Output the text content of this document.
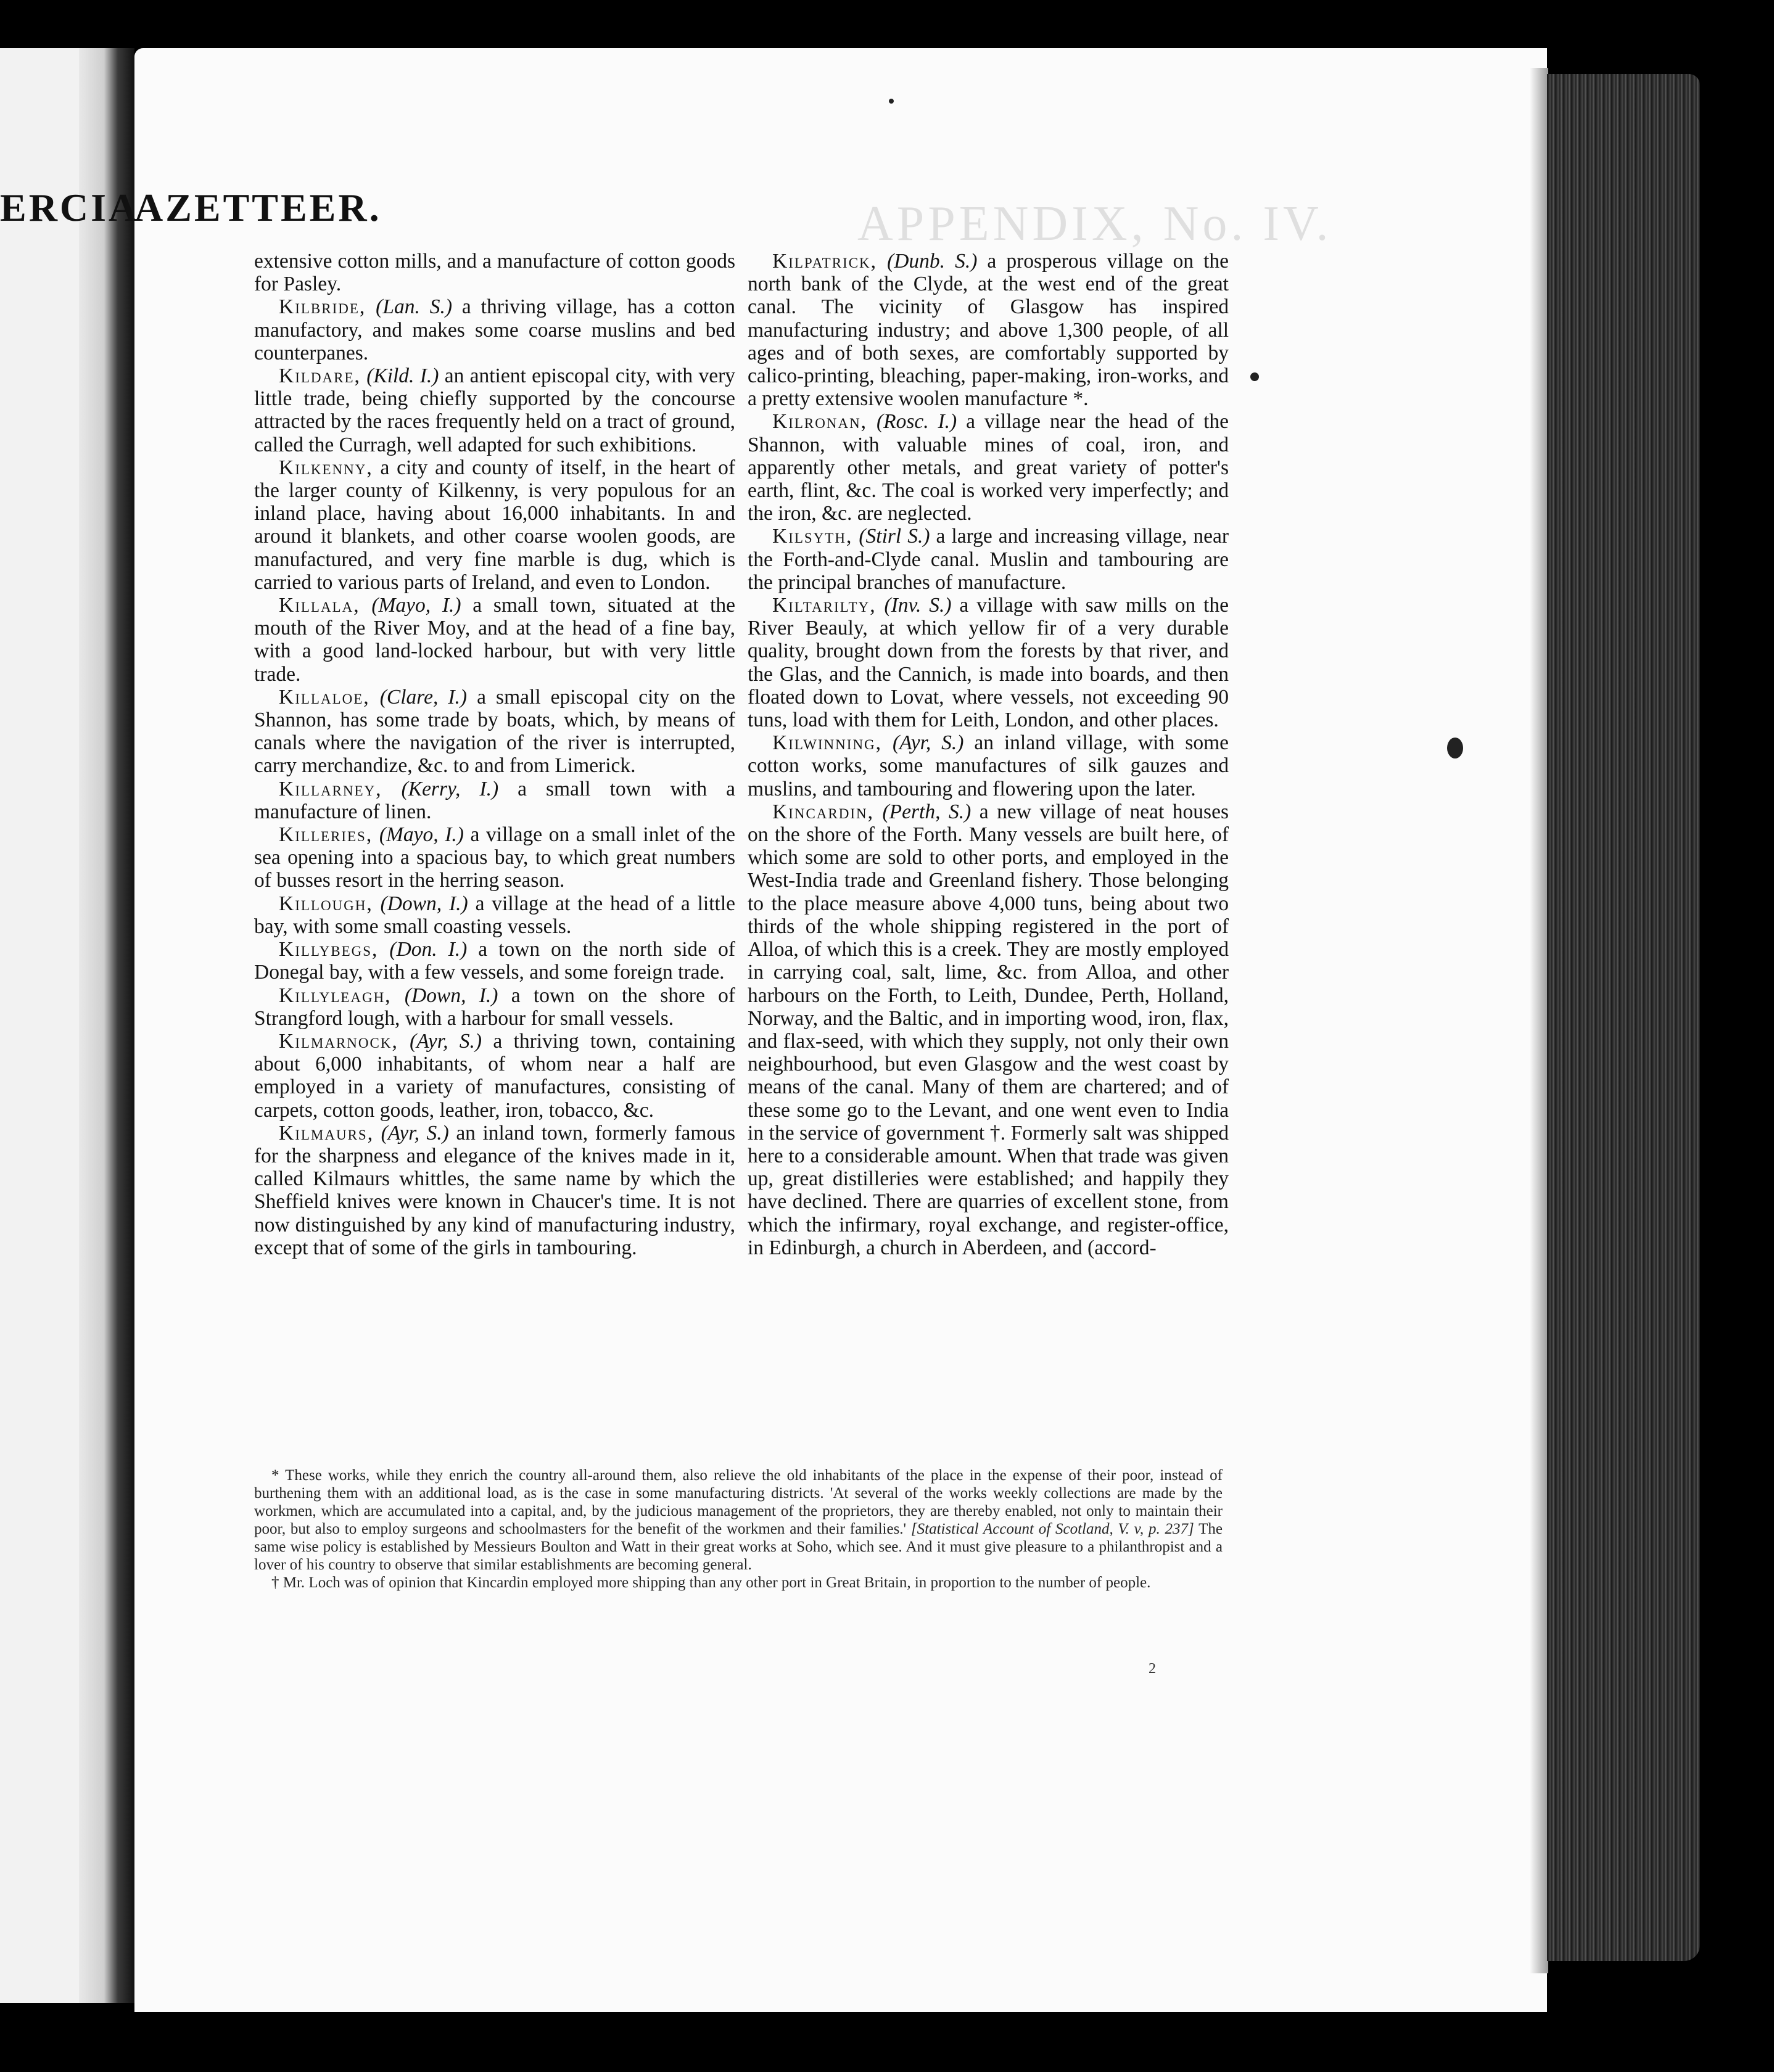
ERCIA
AZETTEER.	APPENDIX, No. IV.

extensive cotton mills, and a manufacture of cotton goods for Pasley.

Kilbride, (Lan. S.) a thriving village, has a cotton manufactory, and makes some coarse muslins and bed counterpanes.

Kildare, (Kild. I.) an antient episcopal city, with very little trade, being chiefly supported by the concourse attracted by the races frequently held on a tract of ground, called the Curragh, well adapted for such exhibitions.

Kilkenny, a city and county of itself, in the heart of the larger county of Kilkenny, is very populous for an inland place, having about 16,000 inhabitants. In and around it blankets, and other coarse woolen goods, are manufactured, and very fine marble is dug, which is carried to various parts of Ireland, and even to London.

Killala, (Mayo, I.) a small town, situated at the mouth of the River Moy, and at the head of a fine bay, with a good land-locked harbour, but with very little trade.

Killaloe, (Clare, I.) a small episcopal city on the Shannon, has some trade by boats, which, by means of canals where the navigation of the river is interrupted, carry merchandize, &c. to and from Limerick.

Killarney, (Kerry, I.) a small town with a manufacture of linen.

Killeries, (Mayo, I.) a village on a small inlet of the sea opening into a spacious bay, to which great numbers of busses resort in the herring season.

Killough, (Down, I.) a village at the head of a little bay, with some small coasting vessels.

Killybegs, (Don. I.) a town on the north side of Donegal bay, with a few vessels, and some foreign trade.

Killyleagh, (Down, I.) a town on the shore of Strangford lough, with a harbour for small vessels.

Kilmarnock, (Ayr, S.) a thriving town, containing about 6,000 inhabitants, of whom near a half are employed in a variety of manufactures, consisting of carpets, cotton goods, leather, iron, tobacco, &c.

Kilmaurs, (Ayr, S.) an inland town, formerly famous for the sharpness and elegance of the knives made in it, called Kilmaurs whittles, the same name by which the Sheffield knives were known in Chaucer's time. It is not now distinguished by any kind of manufacturing industry, except that of some of the girls in tambouring.

Kilpatrick, (Dunb. S.) a prosperous village on the north bank of the Clyde, at the west end of the great canal. The vicinity of Glasgow has inspired manufacturing industry; and above 1,300 people, of all ages and of both sexes, are comfortably supported by calico-printing, bleaching, paper-making, iron-works, and a pretty extensive woolen manufacture *.

Kilronan, (Rosc. I.) a village near the head of the Shannon, with valuable mines of coal, iron, and apparently other metals, and great variety of potter's earth, flint, &c. The coal is worked very imperfectly; and the iron, &c. are neglected.

Kilsyth, (Stirl S.) a large and increasing village, near the Forth-and-Clyde canal. Muslin and tambouring are the principal branches of manufacture.

Kiltarilty, (Inv. S.) a village with saw mills on the River Beauly, at which yellow fir of a very durable quality, brought down from the forests by that river, and the Glas, and the Cannich, is made into boards, and then floated down to Lovat, where vessels, not exceeding 90 tuns, load with them for Leith, London, and other places.

Kilwinning, (Ayr, S.) an inland village, with some cotton works, some manufactures of silk gauzes and muslins, and tambouring and flowering upon the later.

Kincardin, (Perth, S.) a new village of neat houses on the shore of the Forth. Many vessels are built here, of which some are sold to other ports, and employed in the West-India trade and Greenland fishery. Those belonging to the place measure above 4,000 tuns, being about two thirds of the whole shipping registered in the port of Alloa, of which this is a creek. They are mostly employed in carrying coal, salt, lime, &c. from Alloa, and other harbours on the Forth, to Leith, Dundee, Perth, Holland, Norway, and the Baltic, and in importing wood, iron, flax, and flax-seed, with which they supply, not only their own neighbourhood, but even Glasgow and the west coast by means of the canal. Many of them are chartered; and of these some go to the Levant, and one went even to India in the service of government †. Formerly salt was shipped here to a considerable amount. When that trade was given up, great distilleries were established; and happily they have declined. There are quarries of excellent stone, from which the infirmary, royal exchange, and register-office, in Edinburgh, a church in Aberdeen, and (accord-

* These works, while they enrich the country all-around them, also relieve the old inhabitants of the place in the expense of their poor, instead of burthening them with an additional load, as is the case in some manufacturing districts. 'At several of the works weekly collections are made by the workmen, which are accumulated into a capital, and, by the judicious management of the proprietors, they are thereby enabled, not only to maintain their poor, but also to employ surgeons and schoolmasters for the benefit of the workmen and their families.' [Statistical Account of Scotland, V. v, p. 237] The same wise policy is established by Messieurs Boulton and Watt in their great works at Soho, which see. And it must give pleasure to a philanthropist and a lover of his country to observe that similar establishments are becoming general.

† Mr. Loch was of opinion that Kincardin employed more shipping than any other port in Great Britain, in proportion to the number of people.

2
